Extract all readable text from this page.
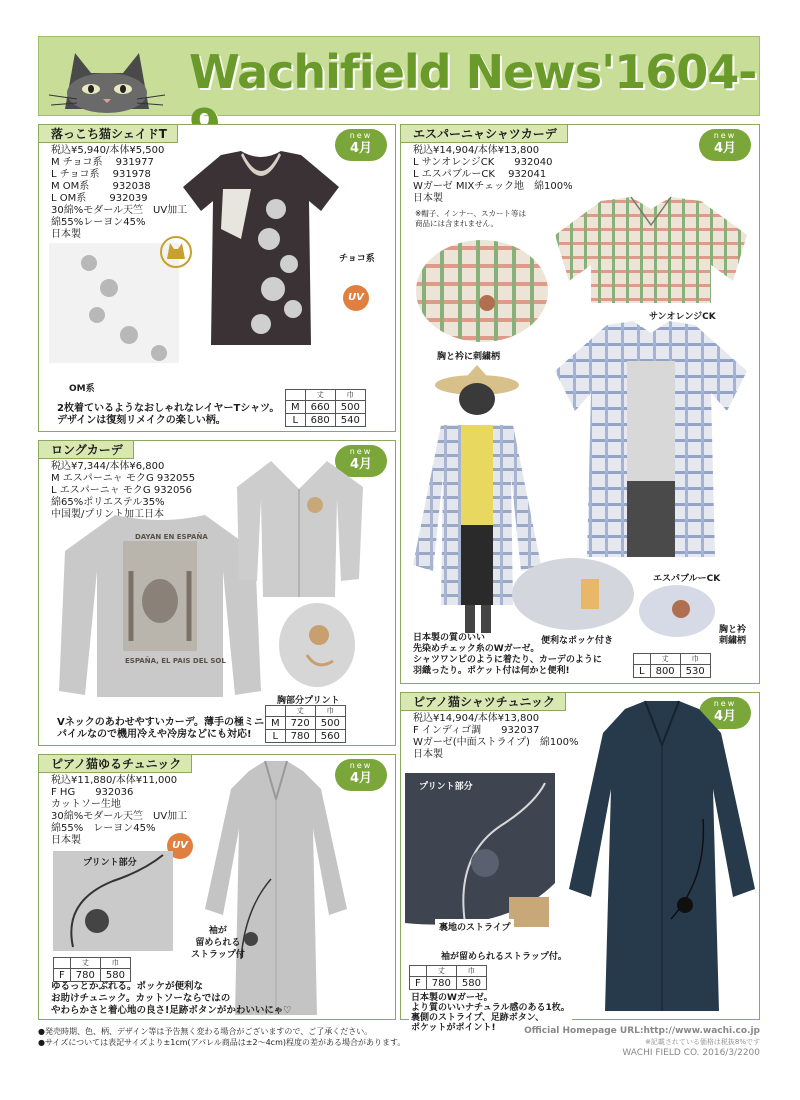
Wachifield News'1604-
落っこち猫シェイドT	new
4月
税込¥5,940/本体¥5,500
M チョコ系　 931977
L チョコ系　 931978
M OM系　　 932038
L OM系　　 932039
30綿%モダール天竺　UV加工
綿55%レーヨン45%
日本製
チョコ系
UV
OM系
2枚着ているようなおしゃれなレイヤーTシャツ。
デザインは復刻リメイクの楽しい柄。
	丈	巾
M	660	500
L	680	540
ロングカーデ	new
4月
税込¥7,344/本体¥6,800
M エスパーニャ モクG 932055
L エスパーニャ モクG 932056
綿65%ポリエステル35%
中国製/プリント加工日本
DAYAN EN ESPAÑA
ESPAÑA, EL PAIS DEL SOL
胸部分プリント
Vネックのあわせやすいカーデ。薄手の極ミニ
パイルなので機用冷えや冷房などにも対応!
	丈	巾
M	720	500
L	780	560
ピアノ猫ゆるチュニック	new
4月
税込¥11,880/本体¥11,000
F HG　　932036
カットソー生地
30綿%モダール天竺　UV加工
綿55%　レーヨン45%
日本製	UV
プリント部分
袖が
留められる
ストラップ付
	丈	巾
F	780	580
ゆるっとかぶれる。ポッケが便利な
お助けチュニック。カットソーならではの
やわらかさと着心地の良さ!足跡ボタンがかわいいにゃ♡
エスパーニャシャツカーデ	new
4月
税込¥14,904/本体¥13,800
L サンオレンジCK　　932040
L エスパブルーCK　 932041
Wガーゼ MIXチェック地　綿100%
日本製
※帽子、インナー、スカート等は
商品には含まれません。
サンオレンジCK
胸と衿に刺繍柄
便利なポッケ付き
エスパブルーCK
胸と衿
刺繍柄
日本製の質のいい
先染めチェック糸のWガーゼ。
シャツワンピのように着たり、カーデのように
羽織ったり。ポケット付は何かと便利!
	丈	巾
L	800	530
ピアノ猫シャツチュニック	new
4月
税込¥14,904/本体¥13,800
F インディゴ調　　932037
Wガーゼ(中面ストライプ)　綿100%
日本製
プリント部分
裏地のストライプ
袖が留められるストラップ付。
	丈	巾
F	780	580
日本製のWガーゼ。
より質のいいナチュラル感のある1枚。
裏側のストライプ、足跡ボタン、
ポケットがポイント!
●発売時期、色、柄、デザイン等は予告無く変わる場合がございますので、ご了承ください。
●サイズについては表記サイズより±1cm(アパレル商品は±2～4cm)程度の差がある場合があります。
Official Homepage URL:http://www.wachi.co.jp
※記載されている価格は税抜8%です
WACHI FIELD CO. 2016/3/2200
